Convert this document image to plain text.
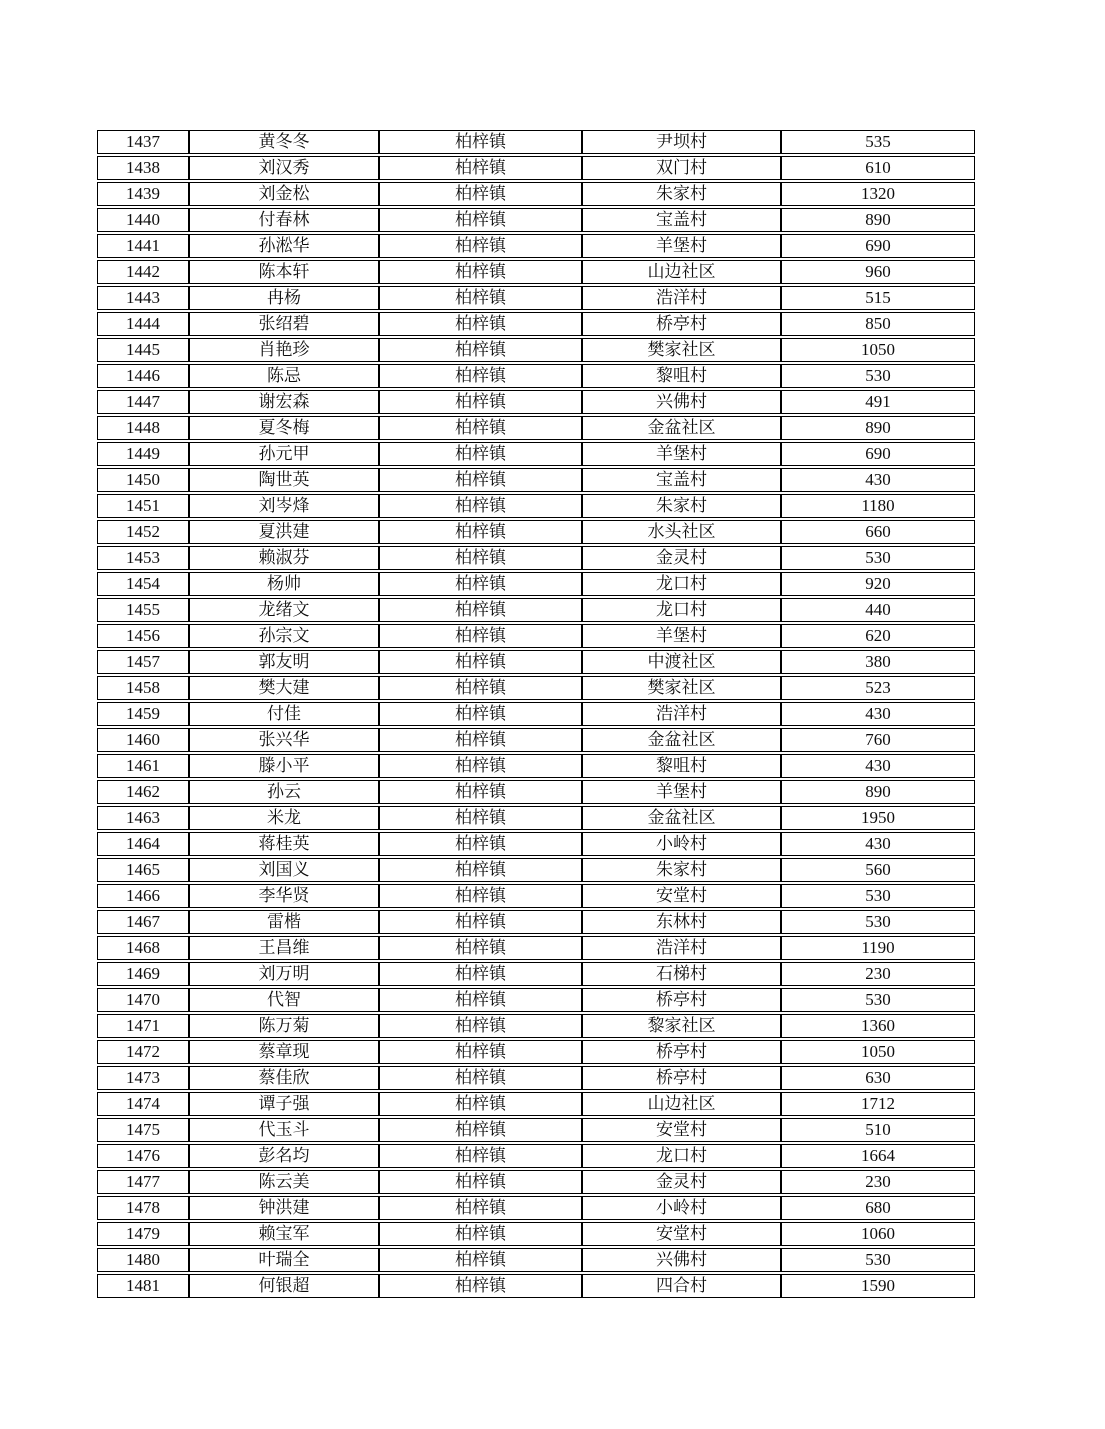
1437	黄冬冬	柏梓镇	尹坝村	535
1438	刘汉秀	柏梓镇	双门村	610
1439	刘金松	柏梓镇	朱家村	1320
1440	付春林	柏梓镇	宝盖村	890
1441	孙淞华	柏梓镇	羊堡村	690
1442	陈本轩	柏梓镇	山边社区	960
1443	冉杨	柏梓镇	浩洋村	515
1444	张绍碧	柏梓镇	桥亭村	850
1445	肖艳珍	柏梓镇	樊家社区	1050
1446	陈忌	柏梓镇	黎咀村	530
1447	谢宏森	柏梓镇	兴佛村	491
1448	夏冬梅	柏梓镇	金盆社区	890
1449	孙元甲	柏梓镇	羊堡村	690
1450	陶世英	柏梓镇	宝盖村	430
1451	刘岑烽	柏梓镇	朱家村	1180
1452	夏洪建	柏梓镇	水头社区	660
1453	赖淑芬	柏梓镇	金灵村	530
1454	杨帅	柏梓镇	龙口村	920
1455	龙绪文	柏梓镇	龙口村	440
1456	孙宗文	柏梓镇	羊堡村	620
1457	郭友明	柏梓镇	中渡社区	380
1458	樊大建	柏梓镇	樊家社区	523
1459	付佳	柏梓镇	浩洋村	430
1460	张兴华	柏梓镇	金盆社区	760
1461	滕小平	柏梓镇	黎咀村	430
1462	孙云	柏梓镇	羊堡村	890
1463	米龙	柏梓镇	金盆社区	1950
1464	蒋桂英	柏梓镇	小岭村	430
1465	刘国义	柏梓镇	朱家村	560
1466	李华贤	柏梓镇	安堂村	530
1467	雷楷	柏梓镇	东林村	530
1468	王昌维	柏梓镇	浩洋村	1190
1469	刘万明	柏梓镇	石梯村	230
1470	代智	柏梓镇	桥亭村	530
1471	陈万菊	柏梓镇	黎家社区	1360
1472	蔡章现	柏梓镇	桥亭村	1050
1473	蔡佳欣	柏梓镇	桥亭村	630
1474	谭子强	柏梓镇	山边社区	1712
1475	代玉斗	柏梓镇	安堂村	510
1476	彭名均	柏梓镇	龙口村	1664
1477	陈云美	柏梓镇	金灵村	230
1478	钟洪建	柏梓镇	小岭村	680
1479	赖宝军	柏梓镇	安堂村	1060
1480	叶瑞全	柏梓镇	兴佛村	530
1481	何银超	柏梓镇	四合村	1590
